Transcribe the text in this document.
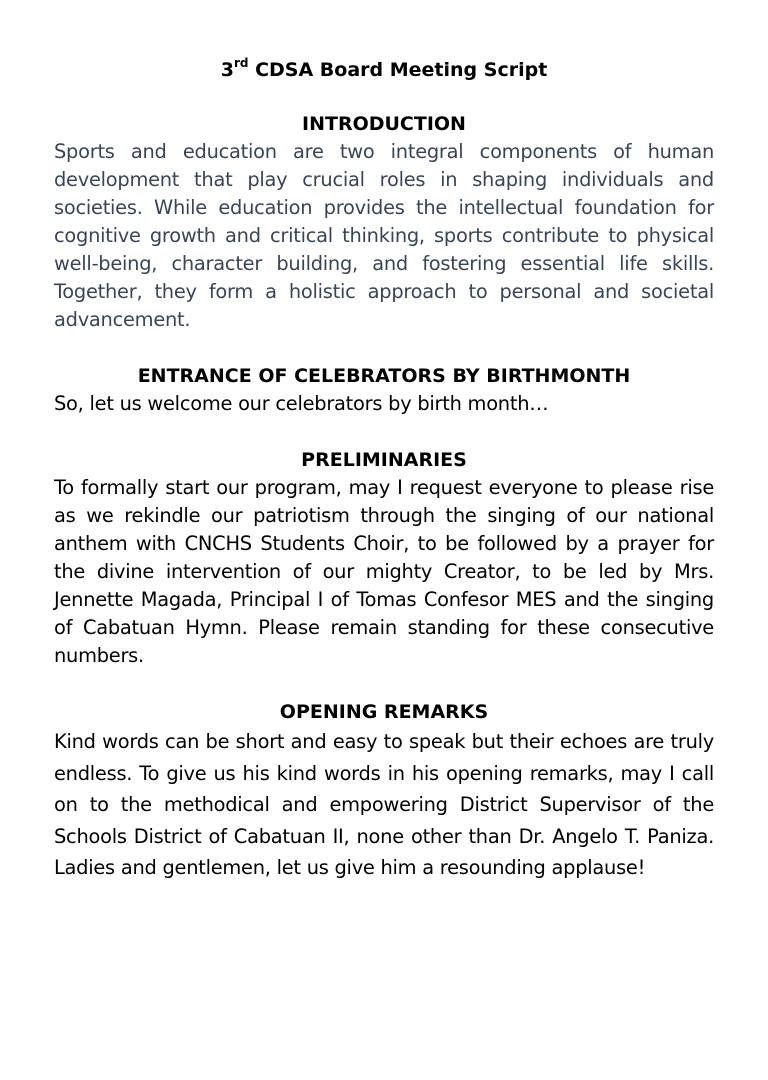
3rd CDSA Board Meeting Script
INTRODUCTION

Sports and education are two integral components of human development that play crucial roles in shaping individuals and societies. While education provides the intellectual foundation for cognitive growth and critical thinking, sports contribute to physical well-being, character building, and fostering essential life skills. Together, they form a holistic approach to personal and societal advancement.

ENTRANCE OF CELEBRATORS BY BIRTHMONTH

So, let us welcome our celebrators by birth month…

PRELIMINARIES

To formally start our program, may I request everyone to please rise as we rekindle our patriotism through the singing of our national anthem with CNCHS Students Choir, to be followed by a prayer for the divine intervention of our mighty Creator, to be led by Mrs. Jennette Magada, Principal I of Tomas Confesor MES and the singing of Cabatuan Hymn. Please remain standing for these consecutive numbers.

OPENING REMARKS

Kind words can be short and easy to speak but their echoes are truly endless. To give us his kind words in his opening remarks, may I call on to the methodical and empowering District Supervisor of the Schools District of Cabatuan II, none other than Dr. Angelo T. Paniza. Ladies and gentlemen, let us give him a resounding applause!
